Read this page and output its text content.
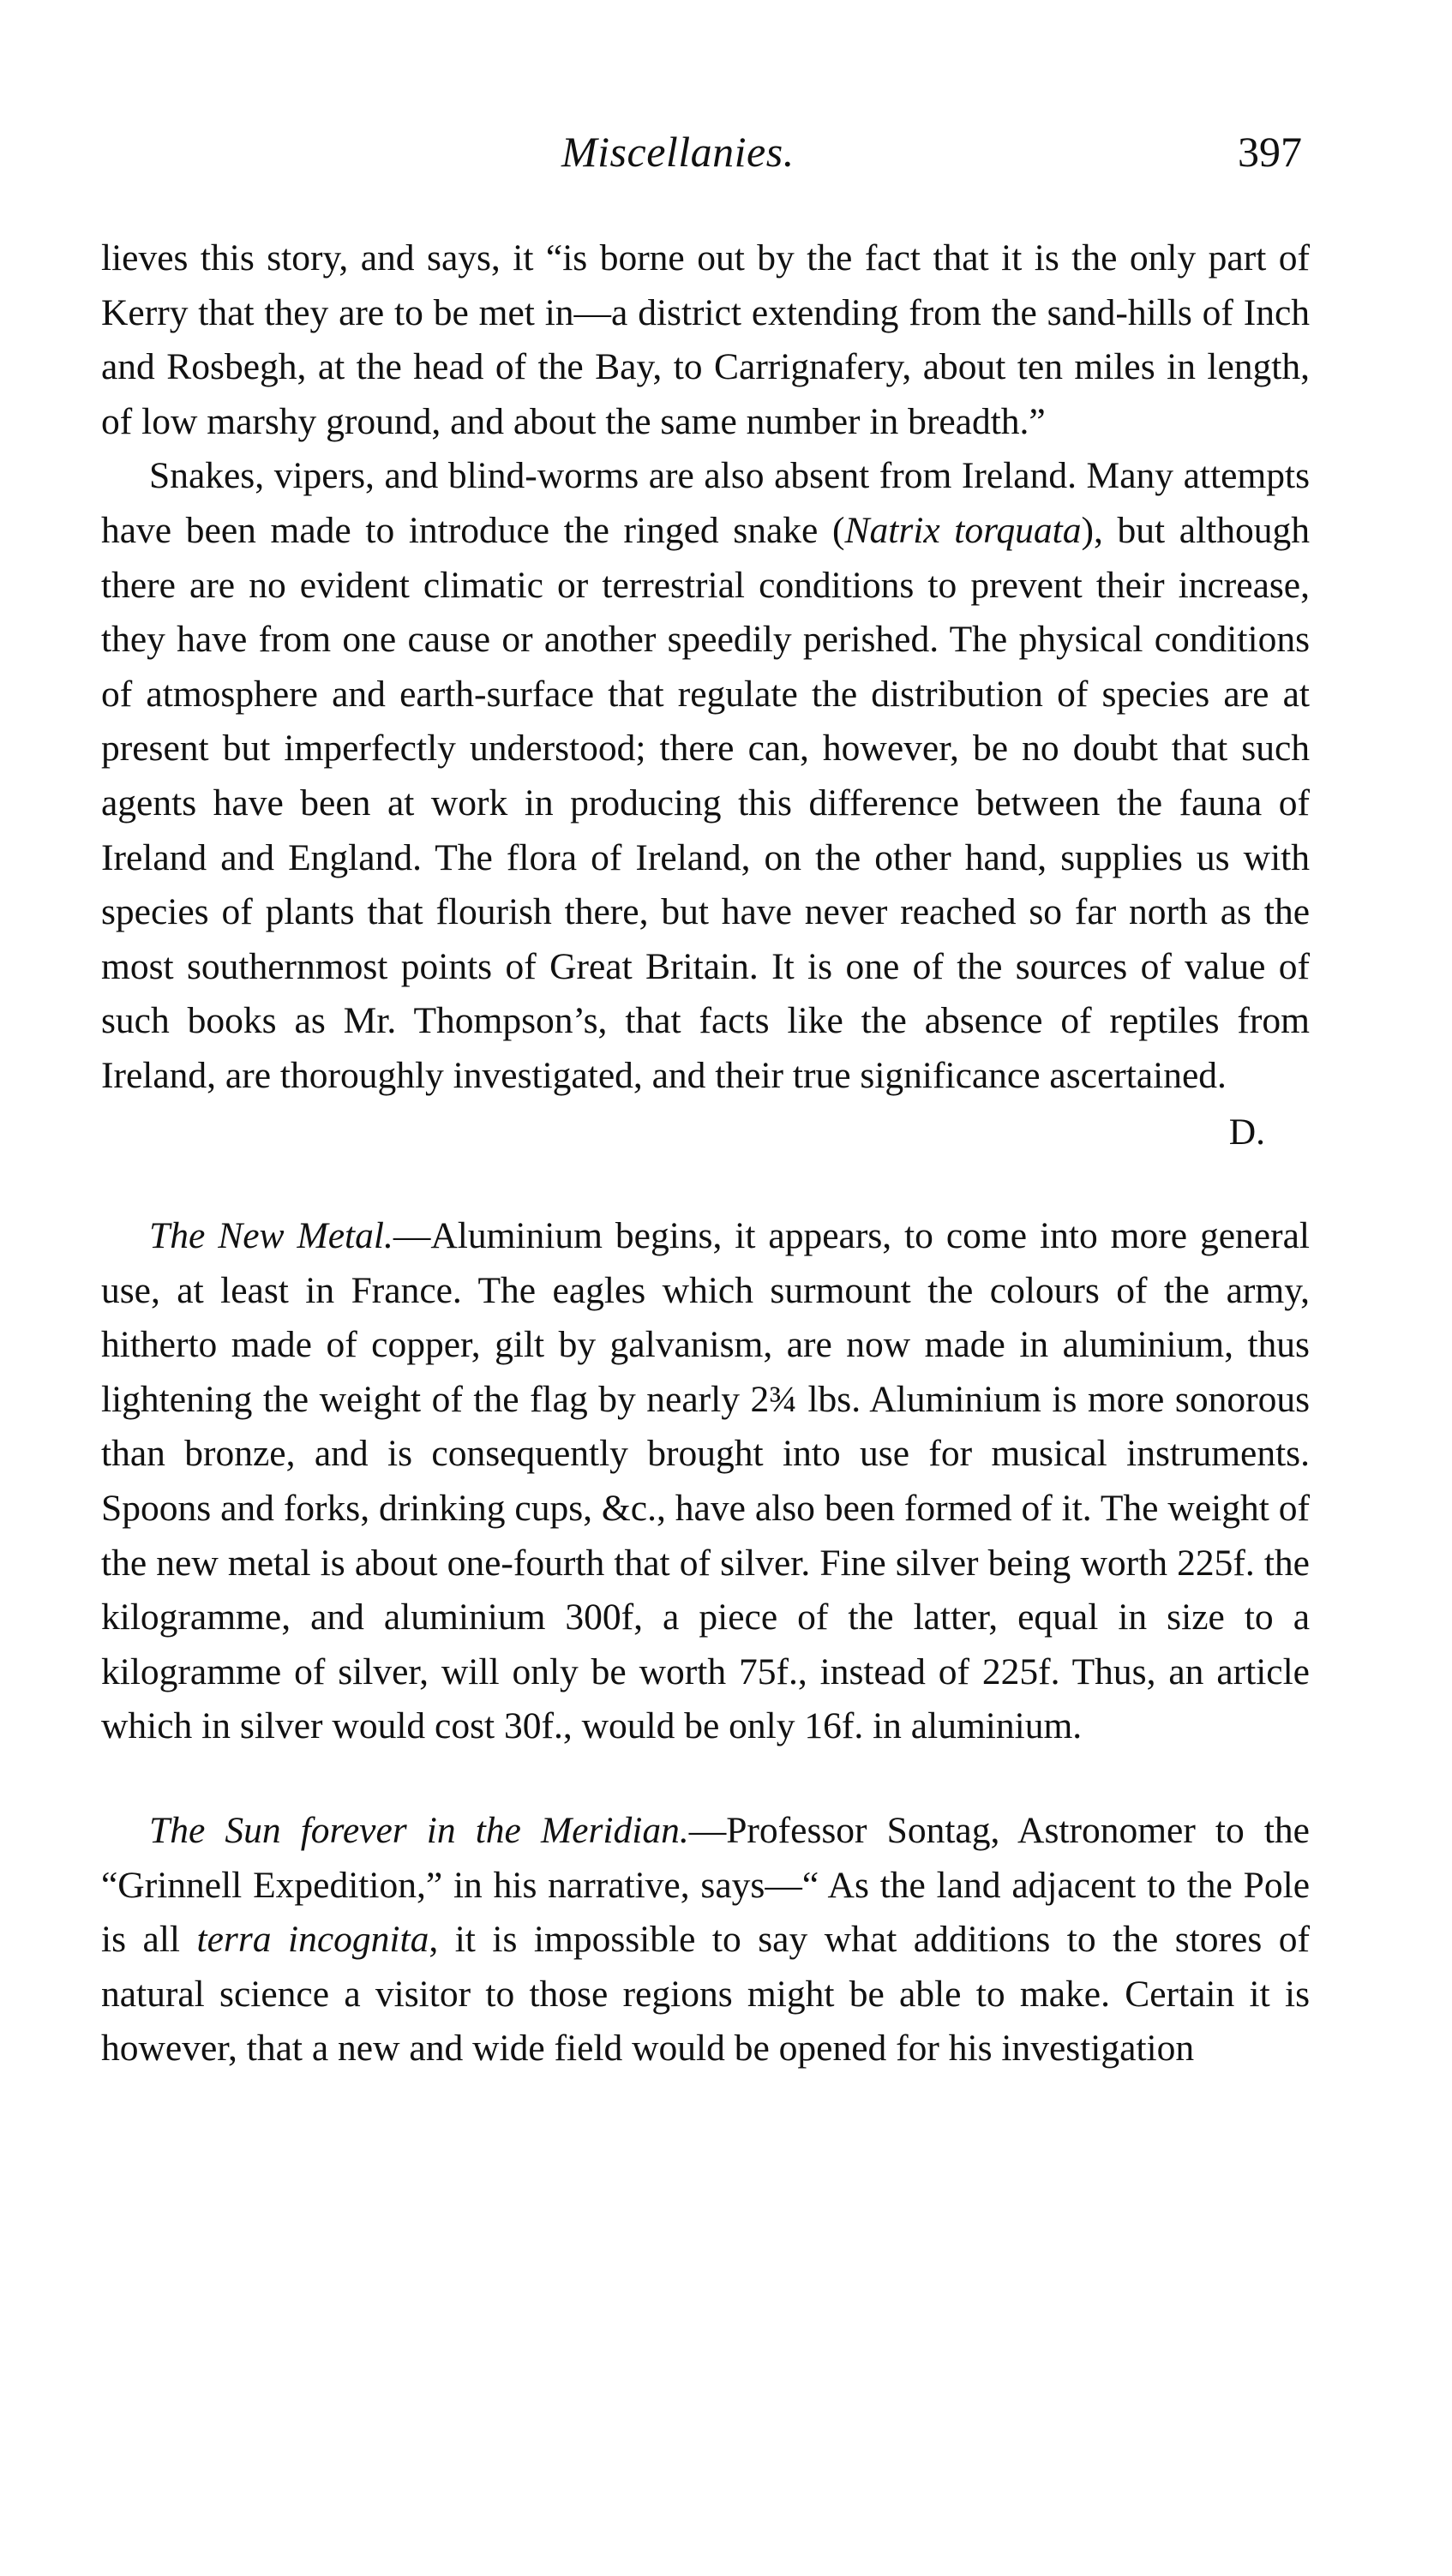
Miscellanies.	397

lieves this story, and says, it “is borne out by the fact that it is the only part of Kerry that they are to be met in—a district extending from the sand-hills of Inch and Rosbegh, at the head of the Bay, to Carrignafery, about ten miles in length, of low marshy ground, and about the same number in breadth.”

Snakes, vipers, and blind-worms are also absent from Ireland. Many attempts have been made to introduce the ringed snake (Natrix torquata), but although there are no evident climatic or terrestrial conditions to prevent their increase, they have from one cause or another speedily perished. The physical conditions of atmosphere and earth-surface that regulate the distribution of species are at present but imperfectly understood; there can, however, be no doubt that such agents have been at work in producing this difference between the fauna of Ireland and England. The flora of Ireland, on the other hand, supplies us with species of plants that flourish there, but have never reached so far north as the most southernmost points of Great Britain. It is one of the sources of value of such books as Mr. Thompson’s, that facts like the absence of reptiles from Ireland, are thoroughly investigated, and their true significance ascertained.

D.

The New Metal.—Aluminium begins, it appears, to come into more general use, at least in France. The eagles which surmount the colours of the army, hitherto made of copper, gilt by galvanism, are now made in aluminium, thus lightening the weight of the flag by nearly 2¾ lbs. Aluminium is more sonorous than bronze, and is consequently brought into use for musical instruments. Spoons and forks, drinking cups, &c., have also been formed of it. The weight of the new metal is about one-fourth that of silver. Fine silver being worth 225f. the kilogramme, and aluminium 300f, a piece of the latter, equal in size to a kilogramme of silver, will only be worth 75f., instead of 225f. Thus, an article which in silver would cost 30f., would be only 16f. in aluminium.

The Sun forever in the Meridian.—Professor Sontag, Astronomer to the “Grinnell Expedition,” in his narrative, says—“ As the land adjacent to the Pole is all terra incognita, it is impossible to say what additions to the stores of natural science a visitor to those regions might be able to make. Certain it is however, that a new and wide field would be opened for his investigation
